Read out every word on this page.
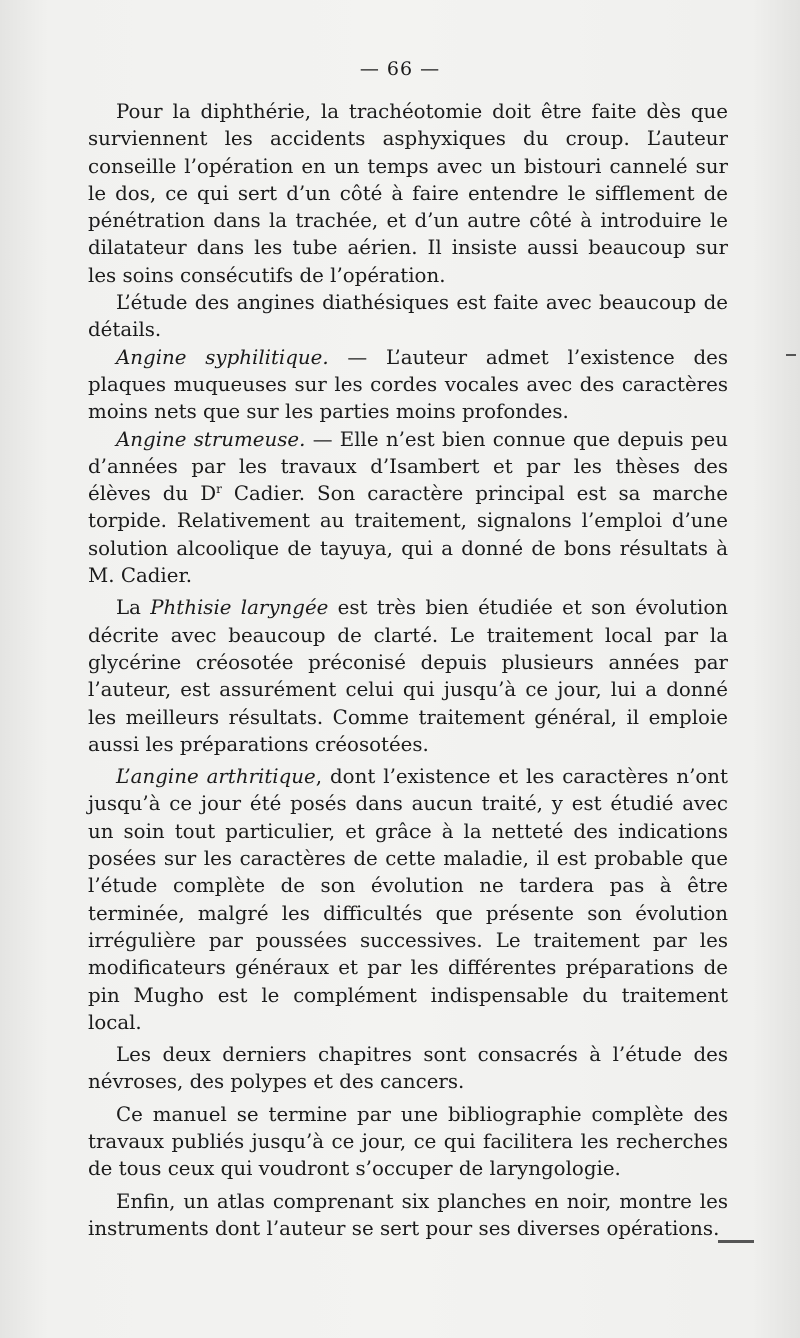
— 66 —

Pour la diphthérie, la trachéotomie doit être faite dès que surviennent les accidents asphyxiques du croup. L’auteur conseille l’opération en un temps avec un bistouri cannelé sur le dos, ce qui sert d’un côté à faire entendre le sifflement de pénétration dans la trachée, et d’un autre côté à introduire le dilatateur dans les tube aérien. Il insiste aussi beaucoup sur les soins consécutifs de l’opération.

L’étude des angines diathésiques est faite avec beaucoup de détails.

Angine syphilitique. — L’auteur admet l’existence des plaques muqueuses sur les cordes vocales avec des caractères moins nets que sur les parties moins profondes.

Angine strumeuse. — Elle n’est bien connue que depuis peu d’années par les travaux d’Isambert et par les thèses des élèves du $D^r$ Cadier. Son caractère principal est sa marche torpide. Relativement au traitement, signalons l’emploi d’une solution alcoolique de tayuya, qui a donné de bons résultats à M. Cadier.

La Phthisie laryngée est très bien étudiée et son évolution décrite avec beaucoup de clarté. Le traitement local par la glycérine créosotée préconisé depuis plusieurs années par l’auteur, est assurément celui qui jusqu’à ce jour, lui a donné les meilleurs résultats. Comme traitement général, il emploie aussi les préparations créosotées.

L’angine arthritique, dont l’existence et les caractères n’ont jusqu’à ce jour été posés dans aucun traité, y est étudié avec un soin tout particulier, et grâce à la netteté des indications posées sur les caractères de cette maladie, il est probable que l’étude complète de son évolution ne tardera pas à être terminée, malgré les difficultés que présente son évolution irrégulière par poussées successives. Le traitement par les modificateurs généraux et par les différentes préparations de pin Mugho est le complément indispensable du traitement local.

Les deux derniers chapitres sont consacrés à l’étude des névroses, des polypes et des cancers.

Ce manuel se termine par une bibliographie complète des travaux publiés jusqu’à ce jour, ce qui facilitera les recherches de tous ceux qui voudront s’occuper de laryngologie.

Enfin, un atlas comprenant six planches en noir, montre les instruments dont l’auteur se sert pour ses diverses opérations.
